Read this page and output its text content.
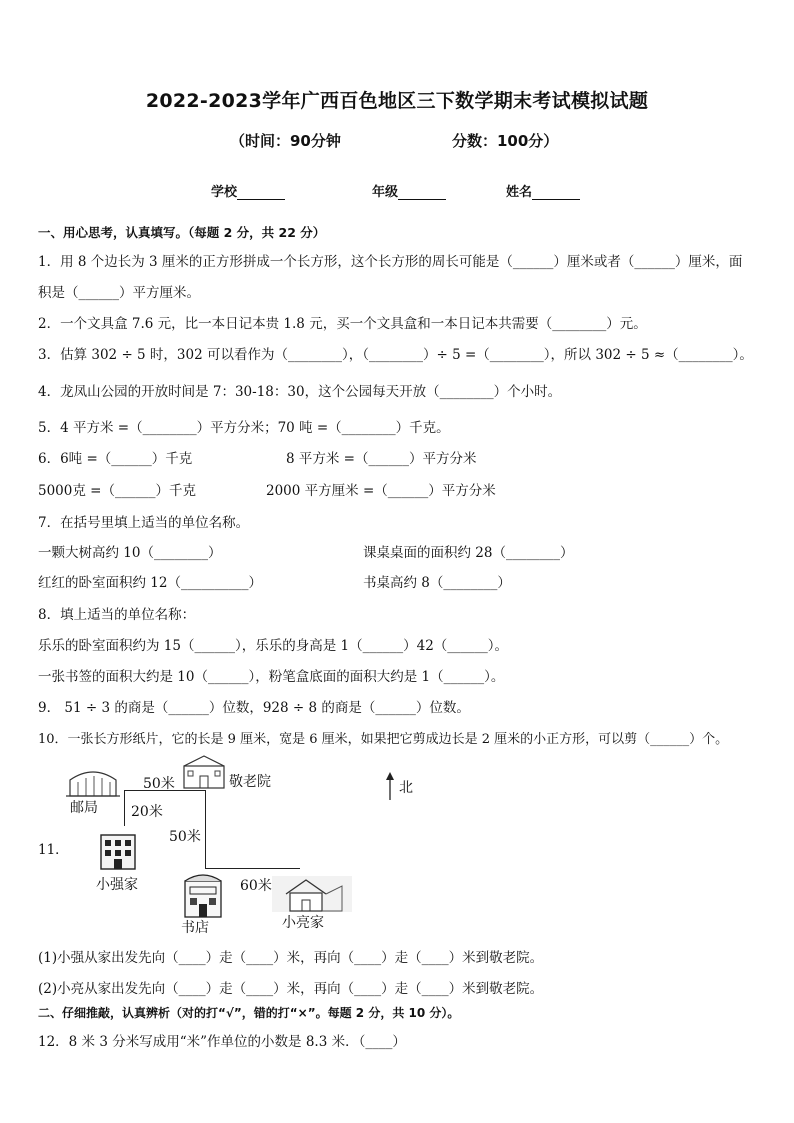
2022-2023学年广西百色地区三下数学期末考试模拟试题
（时间：90分钟	分数：100分）
学校	年级	姓名
一、用心思考，认真填写。（每题 2 分，共 22 分）
1．用 8 个边长为 3 厘米的正方形拼成一个长方形，这个长方形的周长可能是（______）厘米或者（______）厘米，面
积是（______）平方厘米。
2．一个文具盒 7.6 元，比一本日记本贵 1.8 元，买一个文具盒和一本日记本共需要（________）元。
3．估算 302 ÷ 5 时，302 可以看作为（________），（________）÷ 5 =（________），所以 302 ÷ 5 ≈（________）。
4．龙凤山公园的开放时间是 7：30-18：30，这个公园每天开放（________）个小时。
5．4 平方米 =（________）平方分米；70 吨 =（________）千克。
6．6吨 =（______）千克	8 平方米 =（______）平方分米
5000克 =（______）千克	2000 平方厘米 =（______）平方分米
7．在括号里填上适当的单位名称。
一颗大树高约 10（________）	课桌桌面的面积约 28（________）
红红的卧室面积约 12（__________）	书桌高约 8（________）
8．填上适当的单位名称：
乐乐的卧室面积约为 15（______），乐乐的身高是 1（______）42（______）。
一张书签的面积大约是 10（______），粉笔盒底面的面积大约是 1（______）。
9． 51 ÷ 3 的商是（______）位数，928 ÷ 8 的商是（______）位数。
10．一张长方形纸片，它的长是 9 厘米，宽是 6 厘米，如果把它剪成边长是 2 厘米的小正方形，可以剪（______）个。
11．
邮局
敬老院
50米
20米
50米
60米
小强家
书店	小亮家
北
(1)小强从家出发先向（____）走（____）米，再向（____）走（____）米到敬老院。
(2)小亮从家出发先向（____）走（____）米，再向（____）走（____）米到敬老院。
二、仔细推敲，认真辨析（对的打“√”，错的打“×”。每题 2 分，共 10 分）。
12．8 米 3 分米写成用“米”作单位的小数是 8.3 米．（____）
